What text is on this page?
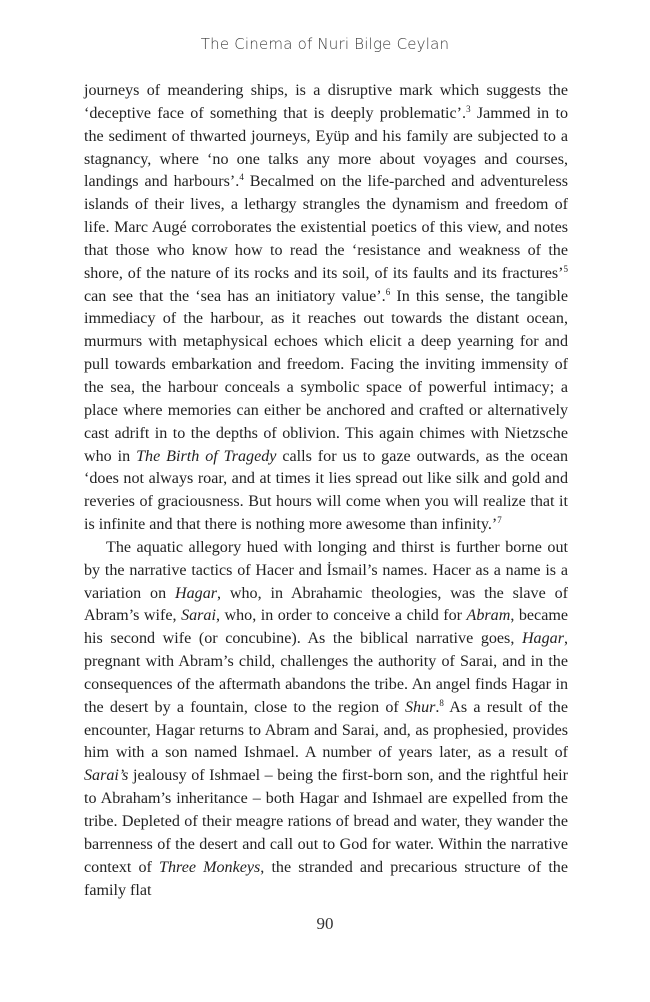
The Cinema of Nuri Bilge Ceylan

journeys of meandering ships, is a disruptive mark which suggests the ‘deceptive face of something that is deeply problematic’.$^3$ Jammed in to the sediment of thwarted journeys, Eyüp and his family are subjected to a stagnancy, where ‘no one talks any more about voyages and courses, landings and harbours’.$^4$ Becalmed on the life-parched and adventureless islands of their lives, a lethargy strangles the dynamism and freedom of life. Marc Augé corroborates the existential poetics of this view, and notes that those who know how to read the ‘resistance and weakness of the shore, of the nature of its rocks and its soil, of its faults and its fractures’$^5$ can see that the ‘sea has an initiatory value’.$^6$ In this sense, the tangible immediacy of the harbour, as it reaches out towards the distant ocean, murmurs with metaphysical echoes which elicit a deep yearning for and pull towards embarkation and freedom. Facing the inviting immensity of the sea, the harbour conceals a symbolic space of powerful intimacy; a place where memories can either be anchored and crafted or alternatively cast adrift in to the depths of oblivion. This again chimes with Nietzsche who in The Birth of Tragedy calls for us to gaze outwards, as the ocean ‘does not always roar, and at times it lies spread out like silk and gold and reveries of graciousness. But hours will come when you will realize that it is infinite and that there is nothing more awesome than infinity.’$^7$

The aquatic allegory hued with longing and thirst is further borne out by the narrative tactics of Hacer and İsmail’s names. Hacer as a name is a variation on Hagar, who, in Abrahamic theologies, was the slave of Abram’s wife, Sarai, who, in order to conceive a child for Abram, became his second wife (or concubine). As the biblical narrative goes, Hagar, pregnant with Abram’s child, challenges the authority of Sarai, and in the consequences of the aftermath abandons the tribe. An angel finds Hagar in the desert by a fountain, close to the region of Shur.$^8$ As a result of the encounter, Hagar returns to Abram and Sarai, and, as prophesied, provides him with a son named Ishmael. A number of years later, as a result of Sarai’s jealousy of Ishmael – being the first-born son, and the rightful heir to Abraham’s inheritance – both Hagar and Ishmael are expelled from the tribe. Depleted of their meagre rations of bread and water, they wander the barrenness of the desert and call out to God for water. Within the narrative context of Three Monkeys, the stranded and precarious structure of the family flat

90
